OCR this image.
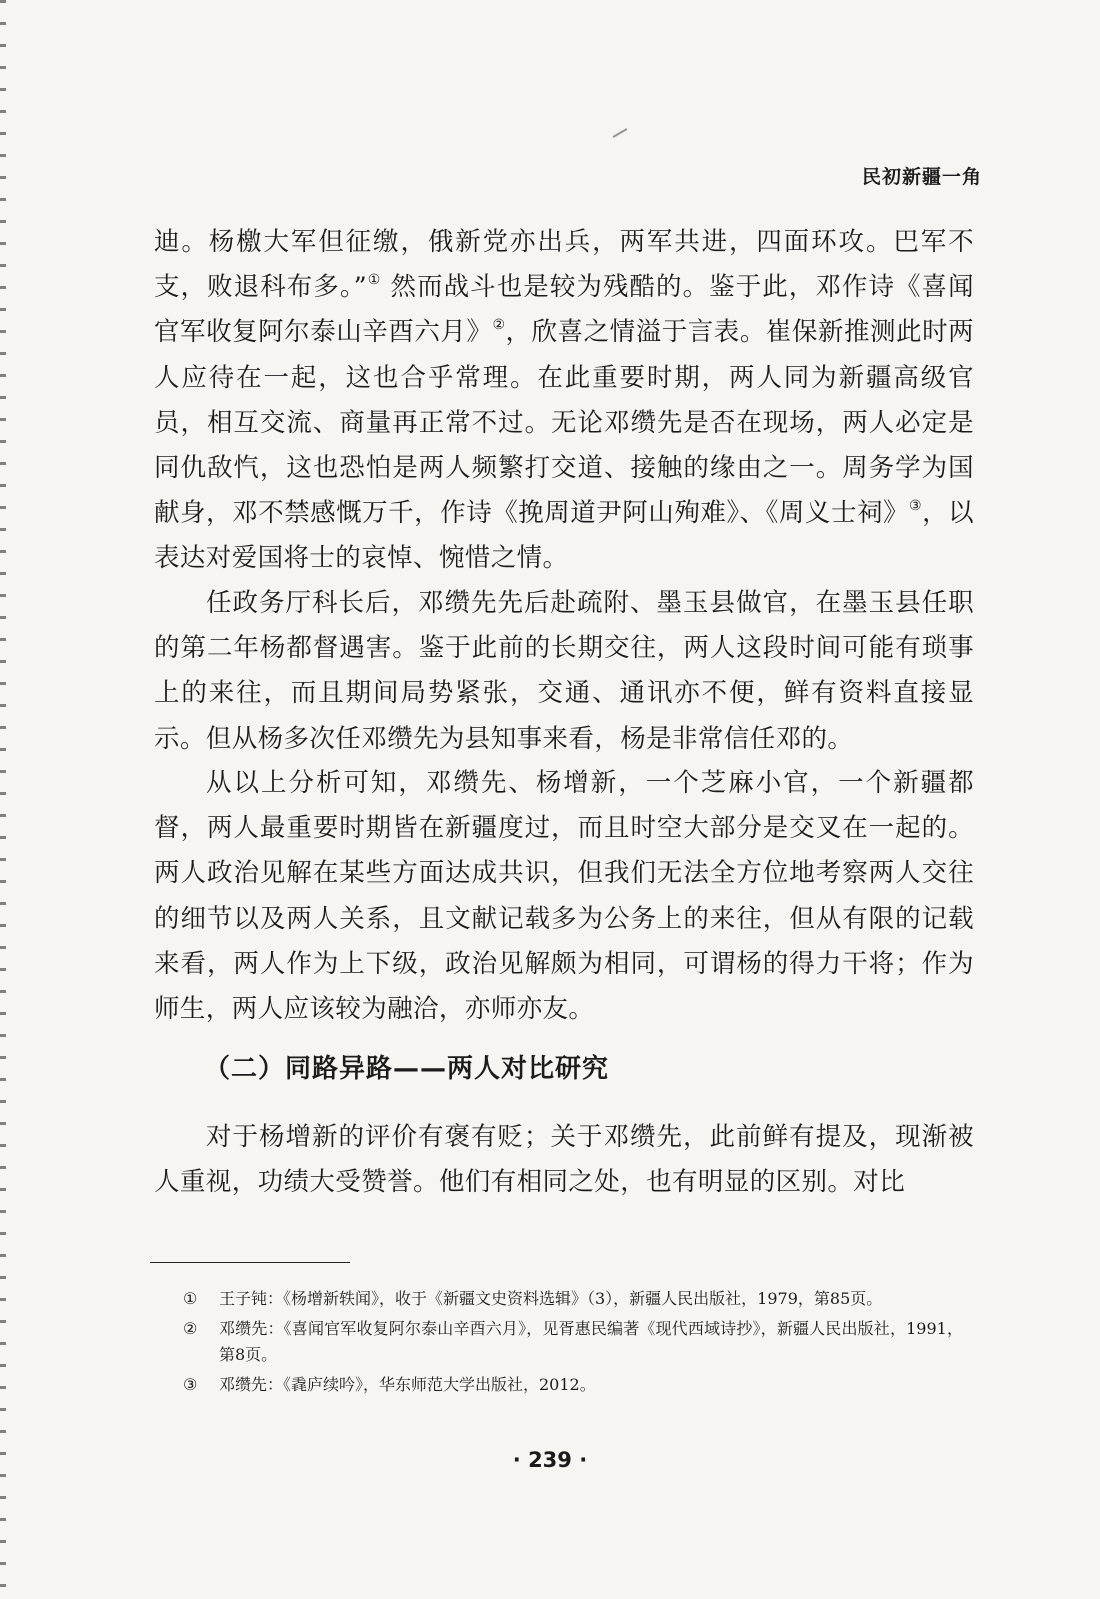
民初新疆一角

迪。杨檄大军但征缴，俄新党亦出兵，两军共进，四面环攻。巴军不支，败退科布多。”① 然而战斗也是较为残酷的。鉴于此，邓作诗《喜闻官军收复阿尔泰山辛酉六月》②，欣喜之情溢于言表。崔保新推测此时两人应待在一起，这也合乎常理。在此重要时期，两人同为新疆高级官员，相互交流、商量再正常不过。无论邓缵先是否在现场，两人必定是同仇敌忾，这也恐怕是两人频繁打交道、接触的缘由之一。周务学为国献身，邓不禁感慨万千，作诗《挽周道尹阿山殉难》、《周义士祠》③，以表达对爱国将士的哀悼、惋惜之情。

任政务厅科长后，邓缵先先后赴疏附、墨玉县做官，在墨玉县任职的第二年杨都督遇害。鉴于此前的长期交往，两人这段时间可能有琐事上的来往，而且期间局势紧张，交通、通讯亦不便，鲜有资料直接显示。但从杨多次任邓缵先为县知事来看，杨是非常信任邓的。

从以上分析可知，邓缵先、杨增新，一个芝麻小官，一个新疆都督，两人最重要时期皆在新疆度过，而且时空大部分是交叉在一起的。两人政治见解在某些方面达成共识，但我们无法全方位地考察两人交往的细节以及两人关系，且文献记载多为公务上的来往，但从有限的记载来看，两人作为上下级，政治见解颇为相同，可谓杨的得力干将；作为师生，两人应该较为融洽，亦师亦友。

（二）同路异路——两人对比研究

对于杨增新的评价有褒有贬；关于邓缵先，此前鲜有提及，现渐被人重视，功绩大受赞誉。他们有相同之处，也有明显的区别。对比

① 王子钝：《杨增新轶闻》，收于《新疆文史资料选辑》（3），新疆人民出版社，1979，第85页。
② 邓缵先：《喜闻官军收复阿尔泰山辛酉六月》，见胥惠民编著《现代西域诗抄》，新疆人民出版社，1991，第8页。
③ 邓缵先：《毳庐续吟》，华东师范大学出版社，2012。
· 239 ·
